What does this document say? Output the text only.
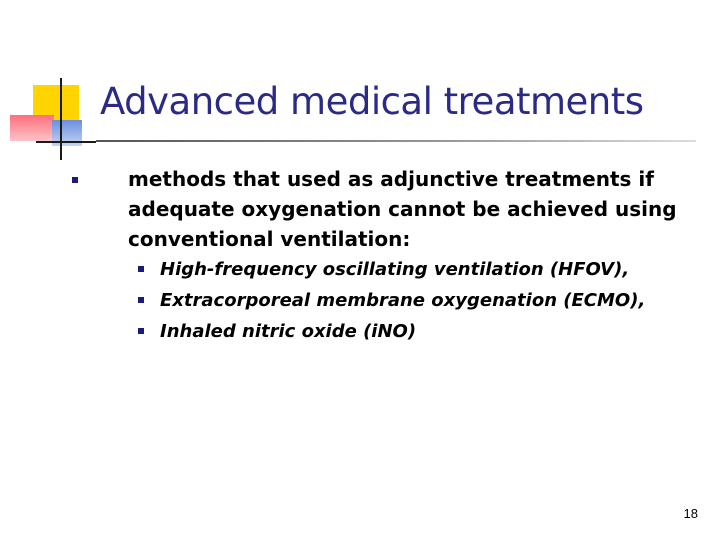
Advanced medical treatments
methods that used as adjunctive treatments if adequate oxygenation cannot be achieved using conventional ventilation:
High-frequency oscillating ventilation (HFOV),
Extracorporeal membrane oxygenation (ECMO),
Inhaled nitric oxide (iNO)
18
